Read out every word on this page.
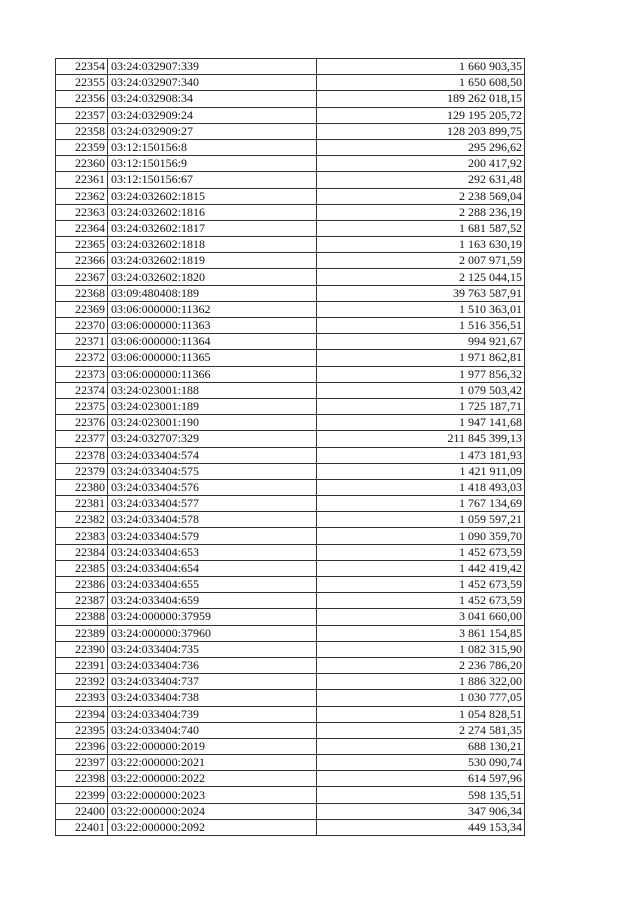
22354	03:24:032907:339	1 660 903,35
22355	03:24:032907:340	1 650 608,50
22356	03:24:032908:34	189 262 018,15
22357	03:24:032909:24	129 195 205,72
22358	03:24:032909:27	128 203 899,75
22359	03:12:150156:8	295 296,62
22360	03:12:150156:9	200 417,92
22361	03:12:150156:67	292 631,48
22362	03:24:032602:1815	2 238 569,04
22363	03:24:032602:1816	2 288 236,19
22364	03:24:032602:1817	1 681 587,52
22365	03:24:032602:1818	1 163 630,19
22366	03:24:032602:1819	2 007 971,59
22367	03:24:032602:1820	2 125 044,15
22368	03:09:480408:189	39 763 587,91
22369	03:06:000000:11362	1 510 363,01
22370	03:06:000000:11363	1 516 356,51
22371	03:06:000000:11364	994 921,67
22372	03:06:000000:11365	1 971 862,81
22373	03:06:000000:11366	1 977 856,32
22374	03:24:023001:188	1 079 503,42
22375	03:24:023001:189	1 725 187,71
22376	03:24:023001:190	1 947 141,68
22377	03:24:032707:329	211 845 399,13
22378	03:24:033404:574	1 473 181,93
22379	03:24:033404:575	1 421 911,09
22380	03:24:033404:576	1 418 493,03
22381	03:24:033404:577	1 767 134,69
22382	03:24:033404:578	1 059 597,21
22383	03:24:033404:579	1 090 359,70
22384	03:24:033404:653	1 452 673,59
22385	03:24:033404:654	1 442 419,42
22386	03:24:033404:655	1 452 673,59
22387	03:24:033404:659	1 452 673,59
22388	03:24:000000:37959	3 041 660,00
22389	03:24:000000:37960	3 861 154,85
22390	03:24:033404:735	1 082 315,90
22391	03:24:033404:736	2 236 786,20
22392	03:24:033404:737	1 886 322,00
22393	03:24:033404:738	1 030 777,05
22394	03:24:033404:739	1 054 828,51
22395	03:24:033404:740	2 274 581,35
22396	03:22:000000:2019	688 130,21
22397	03:22:000000:2021	530 090,74
22398	03:22:000000:2022	614 597,96
22399	03:22:000000:2023	598 135,51
22400	03:22:000000:2024	347 906,34
22401	03:22:000000:2092	449 153,34
